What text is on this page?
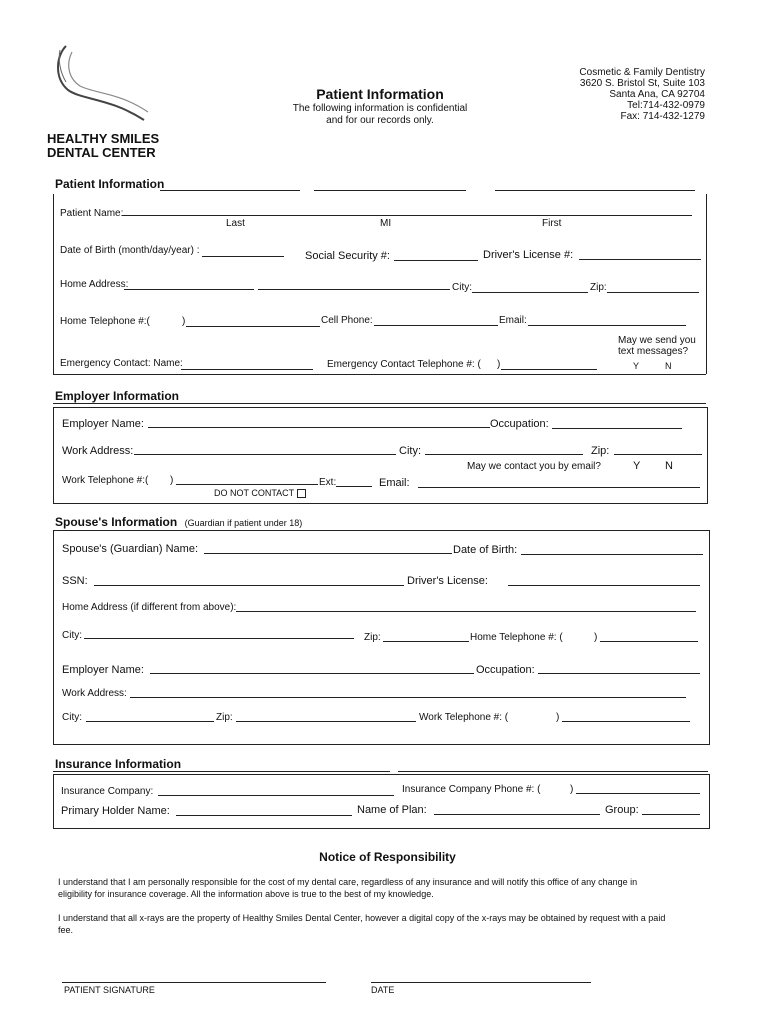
HEALTHY SMILES
DENTAL CENTER
Patient Information
The following information is confidential
and for our records only.
Cosmetic & Family Dentistry
3620 S. Bristol St, Suite 103
Santa Ana, CA 92704
Tel:714-432-0979
Fax: 714-432-1279
Patient Information
Patient Name:
Last	MI	First
Date of Birth (month/day/year) :	Social Security #:	Driver's License #:
Home Address:	City:	Zip:
Home Telephone #:(	)	Cell Phone:	Email:
May we send you
text messages?
Y	N
Emergency Contact: Name:	Emergency Contact Telephone #: ( )
Employer Information
Employer Name:	Occupation:
Work Address:	City:	Zip:
May we contact you by email?	Y N
Work Telephone #:( )	Ext:	Email:
DO NOT CONTACT
Spouse's Information (Guardian if patient under 18)
Spouse's (Guardian) Name:	Date of Birth:
SSN:	Driver's License:
Home Address (if different from above):
City:	Zip:	Home Telephone #: (	)
Employer Name:	Occupation:
Work Address:
City:	Zip:	Work Telephone #: (	)
Insurance Information
Insurance Company:	Insurance Company Phone #: (	)
Primary Holder Name:	Name of Plan:	Group:
Notice of Responsibility
I understand that I am personally responsible for the cost of my dental care, regardless of any insurance and will notify this office of any change in
eligibility for insurance coverage. All the information above is true to the best of my knowledge.
I understand that all x-rays are the property of Healthy Smiles Dental Center, however a digital copy of the x-rays may be obtained by request with a paid
fee.
PATIENT SIGNATURE	DATE
